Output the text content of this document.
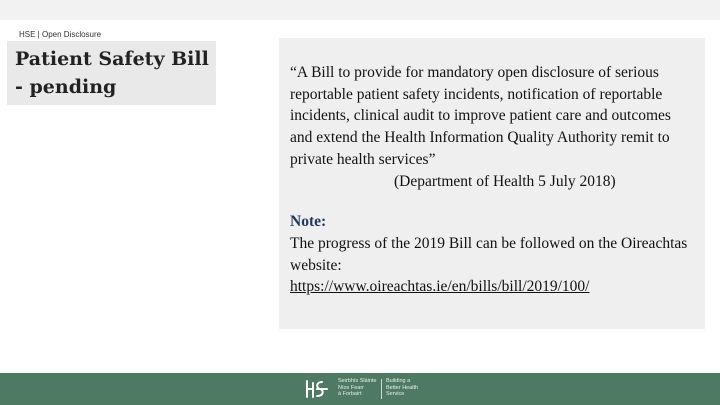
HSE | Open Disclosure
Patient Safety Bill
- pending
“A Bill to provide for mandatory open disclosure of serious reportable patient safety incidents, notification of reportable incidents, clinical audit to improve patient care and outcomes and extend the Health Information Quality Authority remit to private health services”
(Department of Health 5 July 2018)
Note:
The progress of the 2019 Bill can be followed on the Oireachtas website:
https://www.oireachtas.ie/en/bills/bill/2019/100/
Seirbhís Sláinte
Níos Fearr
á Forbairt
Building a
Better Health
Service
